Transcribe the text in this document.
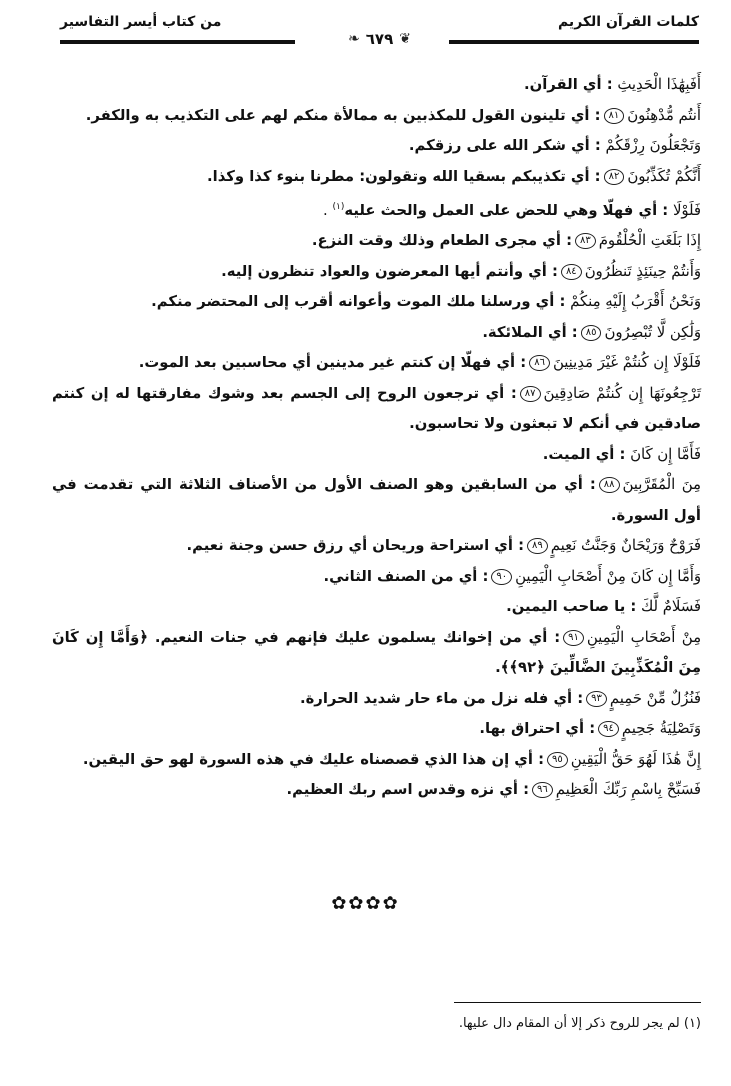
كلمات القرآن الكريم
من كتاب أيسر التفاسير
❦
٦٧٩
❧
أَفَبِهَٰذَا الْحَدِيثِ : أي القرآن.
أَنتُم مُّدْهِنُونَ٨١: أي تلينون القول للمكذبين به ممالأة منكم لهم على التكذيب به والكفر.
وَتَجْعَلُونَ رِزْقَكُمْ : أي شكر الله على رزقكم.
أَنَّكُمْ تُكَذِّبُونَ٨٢: أي تكذيبكم بسقيا الله وتقولون: مطرنا بنوء كذا وكذا.
فَلَوْلَا : أي فهلّا وهي للحض على العمل والحث عليه$^{(١)}$ .
إِذَا بَلَغَتِ الْحُلْقُومَ٨٣: أي مجرى الطعام وذلك وقت النزع.
وَأَنتُمْ حِينَئِذٍ تَنظُرُونَ٨٤: أي وأنتم أيها المعرضون والعواد تنظرون إليه.
وَنَحْنُ أَقْرَبُ إِلَيْهِ مِنكُمْ : أي ورسلنا ملك الموت وأعوانه أقرب إلى المحتضر منكم.
وَلَٰكِن لَّا تُبْصِرُونَ٨٥: أي الملائكة.
فَلَوْلَا إِن كُنتُمْ غَيْرَ مَدِينِينَ٨٦: أي فهلّا إن كنتم غير مدينين أي محاسبين بعد الموت.
تَرْجِعُونَهَا إِن كُنتُمْ صَادِقِينَ٨٧: أي ترجعون الروح إلى الجسم بعد وشوك مفارقتها له إن كنتم صادقين في أنكم لا تبعثون ولا تحاسبون.
فَأَمَّا إِن كَانَ : أي الميت.
مِنَ الْمُقَرَّبِينَ٨٨: أي من السابقين وهو الصنف الأول من الأصناف الثلاثة التي تقدمت في أول السورة.
فَرَوْحٌ وَرَيْحَانٌ وَجَنَّتُ نَعِيمٍ٨٩: أي استراحة وريحان أي رزق حسن وجنة نعيم.
وَأَمَّا إِن كَانَ مِنْ أَصْحَابِ الْيَمِينِ٩٠: أي من الصنف الثاني.
فَسَلَامٌ لَّكَ : يا صاحب اليمين.
مِنْ أَصْحَابِ الْيَمِينِ٩١: أي من إخوانك يسلمون عليك فإنهم في جنات النعيم. ﴿وَأَمَّا إِن كَانَ مِنَ الْمُكَذِّبِينَ الضَّالِّينَ ﴿٩٢﴾﴾.
فَنُزُلٌ مِّنْ حَمِيمٍ٩٣: أي فله نزل من ماء حار شديد الحرارة.
وَتَصْلِيَةُ جَحِيمٍ٩٤: أي احتراق بها.
إِنَّ هَٰذَا لَهُوَ حَقُّ الْيَقِينِ٩٥: أي إن هذا الذي قصصناه عليك في هذه السورة لهو حق اليقين.
فَسَبِّحْ بِاسْمِ رَبِّكَ الْعَظِيمِ٩٦: أي نزه وقدس اسم ربك العظيم.
✿✿✿✿
(١) لم يجر للروح ذكر إلا أن المقام دال عليها.
